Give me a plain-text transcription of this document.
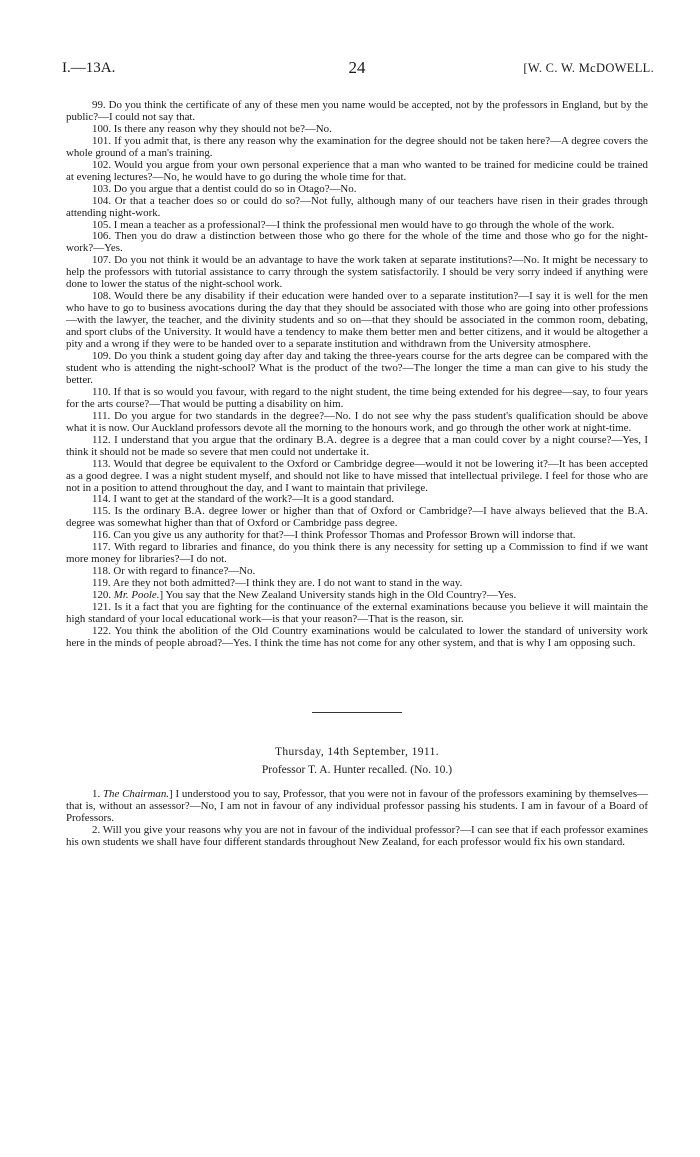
I.—13A.	24	[W. C. W. McDOWELL.

99. Do you think the certificate of any of these men you name would be accepted, not by the professors in England, but by the public?—I could not say that.

100. Is there any reason why they should not be?—No.

101. If you admit that, is there any reason why the examination for the degree should not be taken here?—A degree covers the whole ground of a man's training.

102. Would you argue from your own personal experience that a man who wanted to be trained for medicine could be trained at evening lectures?—No, he would have to go during the whole time for that.

103. Do you argue that a dentist could do so in Otago?—No.

104. Or that a teacher does so or could do so?—Not fully, although many of our teachers have risen in their grades through attending night-work.

105. I mean a teacher as a professional?—I think the professional men would have to go through the whole of the work.

106. Then you do draw a distinction between those who go there for the whole of the time and those who go for the night-work?—Yes.

107. Do you not think it would be an advantage to have the work taken at separate institutions?—No. It might be necessary to help the professors with tutorial assistance to carry through the system satisfactorily. I should be very sorry indeed if anything were done to lower the status of the night-school work.

108. Would there be any disability if their education were handed over to a separate institution?—I say it is well for the men who have to go to business avocations during the day that they should be associated with those who are going into other professions—with the lawyer, the teacher, and the divinity students and so on—that they should be associated in the common room, debating, and sport clubs of the University. It would have a tendency to make them better men and better citizens, and it would be altogether a pity and a wrong if they were to be handed over to a separate institution and withdrawn from the University atmosphere.

109. Do you think a student going day after day and taking the three-years course for the arts degree can be compared with the student who is attending the night-school? What is the product of the two?—The longer the time a man can give to his study the better.

110. If that is so would you favour, with regard to the night student, the time being extended for his degree—say, to four years for the arts course?—That would be putting a disability on him.

111. Do you argue for two standards in the degree?—No. I do not see why the pass student's qualification should be above what it is now. Our Auckland professors devote all the morning to the honours work, and go through the other work at night-time.

112. I understand that you argue that the ordinary B.A. degree is a degree that a man could cover by a night course?—Yes, I think it should not be made so severe that men could not undertake it.

113. Would that degree be equivalent to the Oxford or Cambridge degree—would it not be lowering it?—It has been accepted as a good degree. I was a night student myself, and should not like to have missed that intellectual privilege. I feel for those who are not in a position to attend throughout the day, and I want to maintain that privilege.

114. I want to get at the standard of the work?—It is a good standard.

115. Is the ordinary B.A. degree lower or higher than that of Oxford or Cambridge?—I have always believed that the B.A. degree was somewhat higher than that of Oxford or Cambridge pass degree.

116. Can you give us any authority for that?—I think Professor Thomas and Professor Brown will indorse that.

117. With regard to libraries and finance, do you think there is any necessity for setting up a Commission to find if we want more money for libraries?—I do not.

118. Or with regard to finance?—No.

119. Are they not both admitted?—I think they are. I do not want to stand in the way.

120. Mr. Poole.] You say that the New Zealand University stands high in the Old Country?—Yes.

121. Is it a fact that you are fighting for the continuance of the external examinations because you believe it will maintain the high standard of your local educational work—is that your reason?—That is the reason, sir.

122. You think the abolition of the Old Country examinations would be calculated to lower the standard of university work here in the minds of people abroad?—Yes. I think the time has not come for any other system, and that is why I am opposing such.

Thursday, 14th September, 1911.

Professor T. A. Hunter recalled. (No. 10.)

1. The Chairman.] I understood you to say, Professor, that you were not in favour of the professors examining by themselves—that is, without an assessor?—No, I am not in favour of any individual professor passing his students. I am in favour of a Board of Professors.

2. Will you give your reasons why you are not in favour of the individual professor?—I can see that if each professor examines his own students we shall have four different standards throughout New Zealand, for each professor would fix his own standard.
